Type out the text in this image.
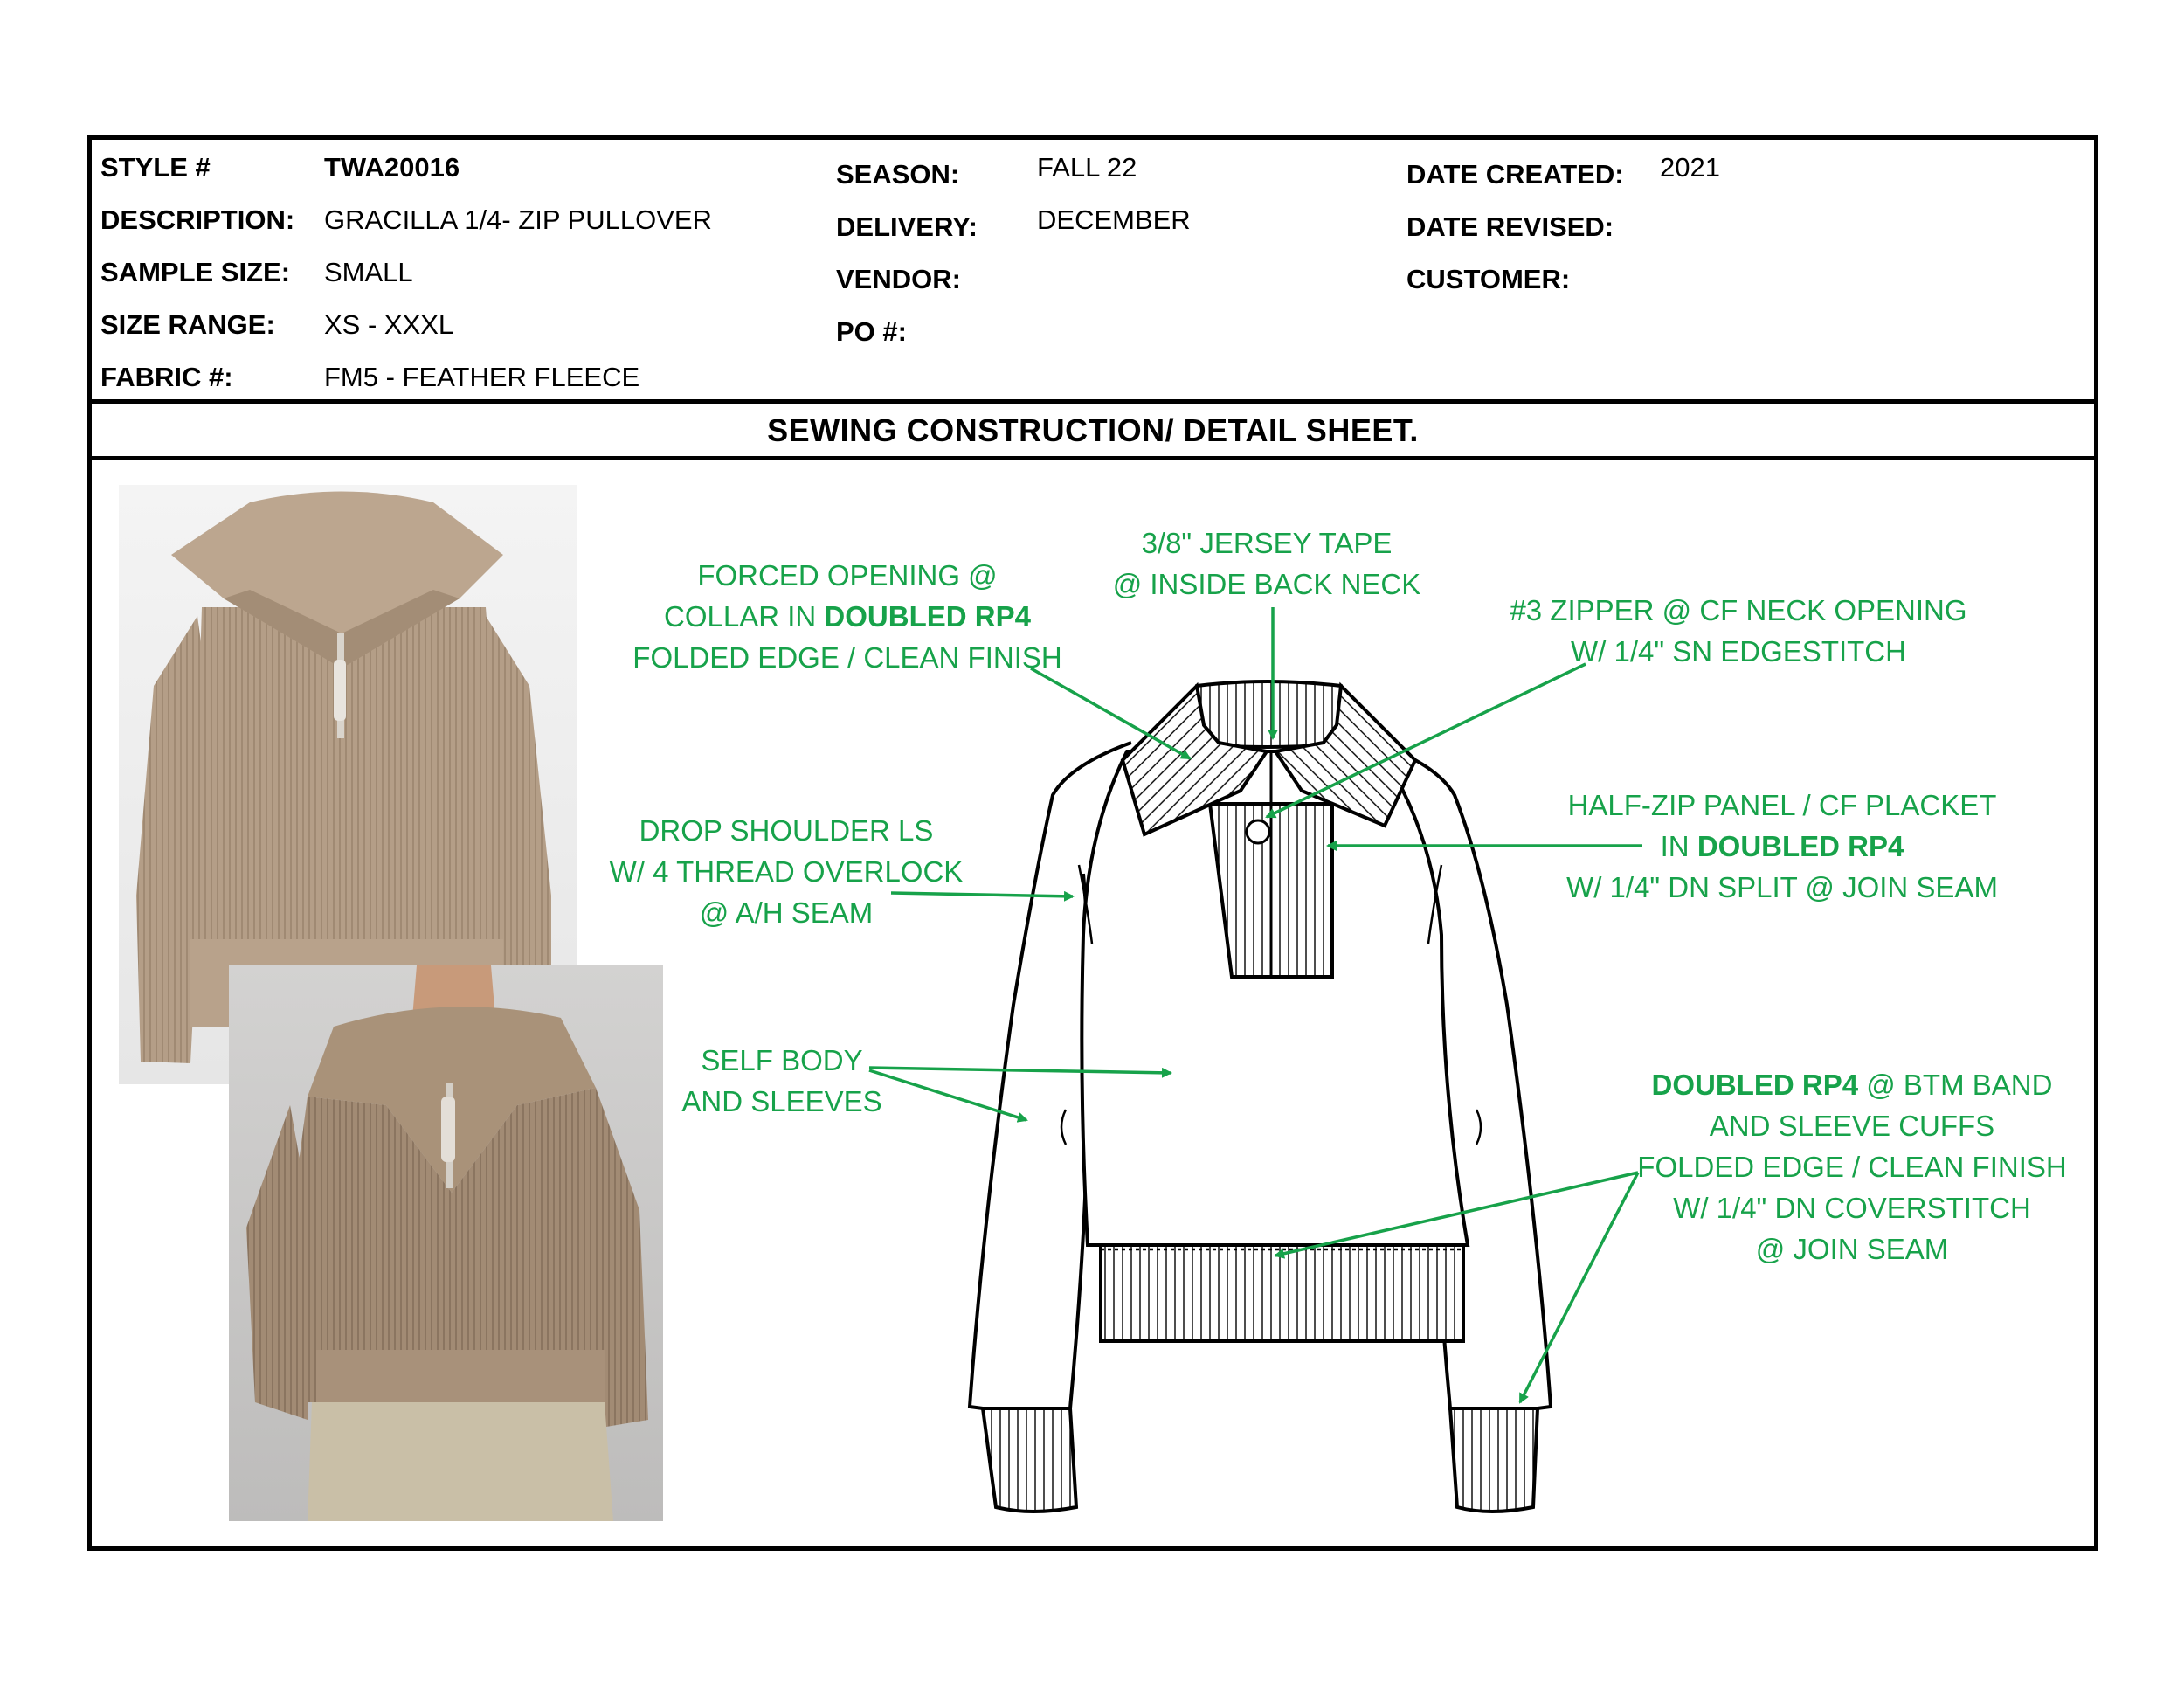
STYLE #	TWA20016
DESCRIPTION: GRACILLA 1/4- ZIP PULLOVER
SAMPLE SIZE: SMALL
SIZE RANGE: XS - XXXL
FABRIC #:	FM5 - FEATHER FLEECE
SEASON:	FALL 22
DELIVERY: DECEMBER
VENDOR:
PO #:
DATE CREATED: 2021
DATE REVISED:
CUSTOMER:
SEWING CONSTRUCTION/ DETAIL SHEET.
FORCED OPENING @
COLLAR IN DOUBLED RP4
FOLDED EDGE / CLEAN FINISH
3/8" JERSEY TAPE
@ INSIDE BACK NECK
#3 ZIPPER @ CF NECK OPENING
W/ 1/4" SN EDGESTITCH
DROP SHOULDER LS
W/ 4 THREAD OVERLOCK
@ A/H SEAM
HALF-ZIP PANEL / CF PLACKET
IN DOUBLED RP4
W/ 1/4" DN SPLIT @ JOIN SEAM
SELF BODY
AND SLEEVES
DOUBLED RP4 @ BTM BAND
AND SLEEVE CUFFS
FOLDED EDGE / CLEAN FINISH
W/ 1/4" DN COVERSTITCH
@ JOIN SEAM
